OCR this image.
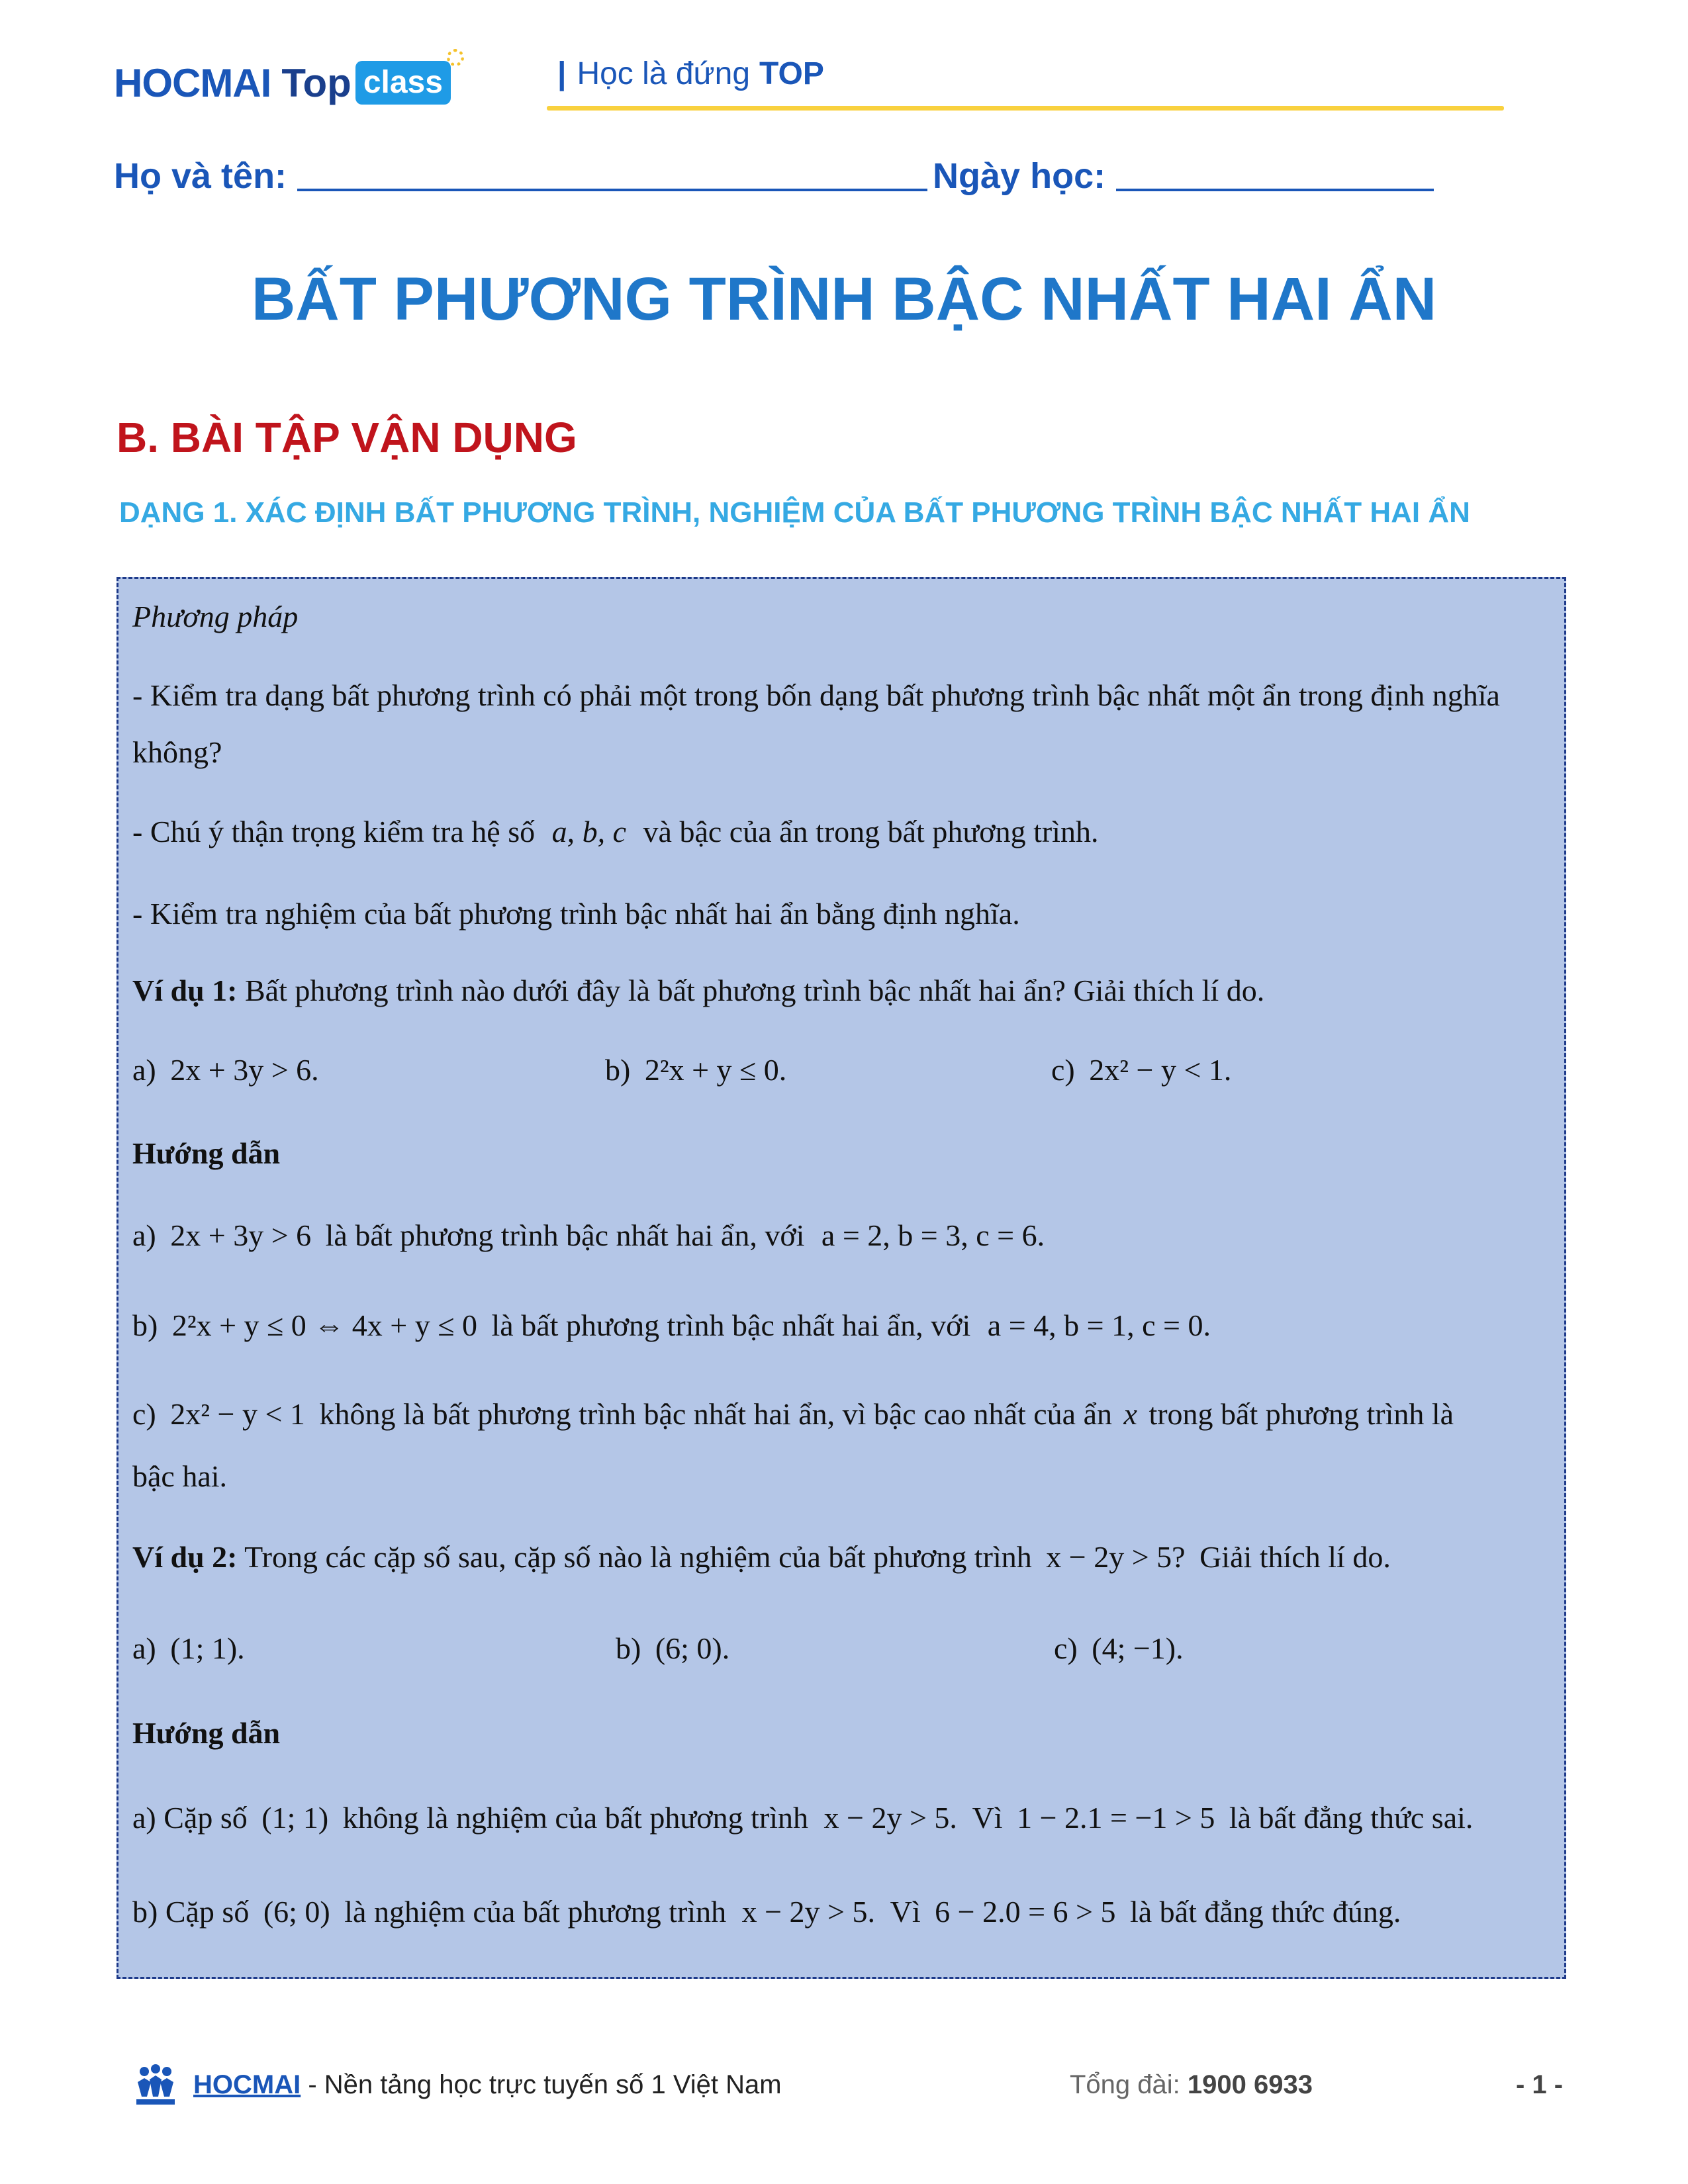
HOCMAI Top class	| Học là đứng TOP
Họ và tên:	Ngày học:
BẤT PHƯƠNG TRÌNH BẬC NHẤT HAI ẨN
B. BÀI TẬP VẬN DỤNG
DẠNG 1. XÁC ĐỊNH BẤT PHƯƠNG TRÌNH, NGHIỆM CỦA BẤT PHƯƠNG TRÌNH BẬC NHẤT HAI ẨN
Phương pháp
- Kiểm tra dạng bất phương trình có phải một trong bốn dạng bất phương trình bậc nhất một ẩn trong định nghĩa không?
- Chú ý thận trọng kiểm tra hệ số a, b, c và bậc của ẩn trong bất phương trình.
- Kiểm tra nghiệm của bất phương trình bậc nhất hai ẩn bằng định nghĩa.
Ví dụ 1: Bất phương trình nào dưới đây là bất phương trình bậc nhất hai ẩn? Giải thích lí do.
a) 2x + 3y > 6.	b) 2²x + y ≤ 0.	c) 2x² − y < 1.
Hướng dẫn
a) 2x + 3y > 6 là bất phương trình bậc nhất hai ẩn, với a = 2, b = 3, c = 6.
b) 2²x + y ≤ 0 ⇔ 4x + y ≤ 0 là bất phương trình bậc nhất hai ẩn, với a = 4, b = 1, c = 0.
c) 2x² − y < 1 không là bất phương trình bậc nhất hai ẩn, vì bậc cao nhất của ẩn x trong bất phương trình là
bậc hai.
Ví dụ 2: Trong các cặp số sau, cặp số nào là nghiệm của bất phương trình x − 2y > 5? Giải thích lí do.
a) (1; 1).	b) (6; 0).	c) (4; −1).
Hướng dẫn
a) Cặp số (1; 1) không là nghiệm của bất phương trình x − 2y > 5. Vì 1 − 2.1 = −1 > 5 là bất đẳng thức sai.
b) Cặp số (6; 0) là nghiệm của bất phương trình x − 2y > 5. Vì 6 − 2.0 = 6 > 5 là bất đẳng thức đúng.
HOCMAI - Nền tảng học trực tuyến số 1 Việt Nam	Tổng đài: 1900 6933	- 1 -
